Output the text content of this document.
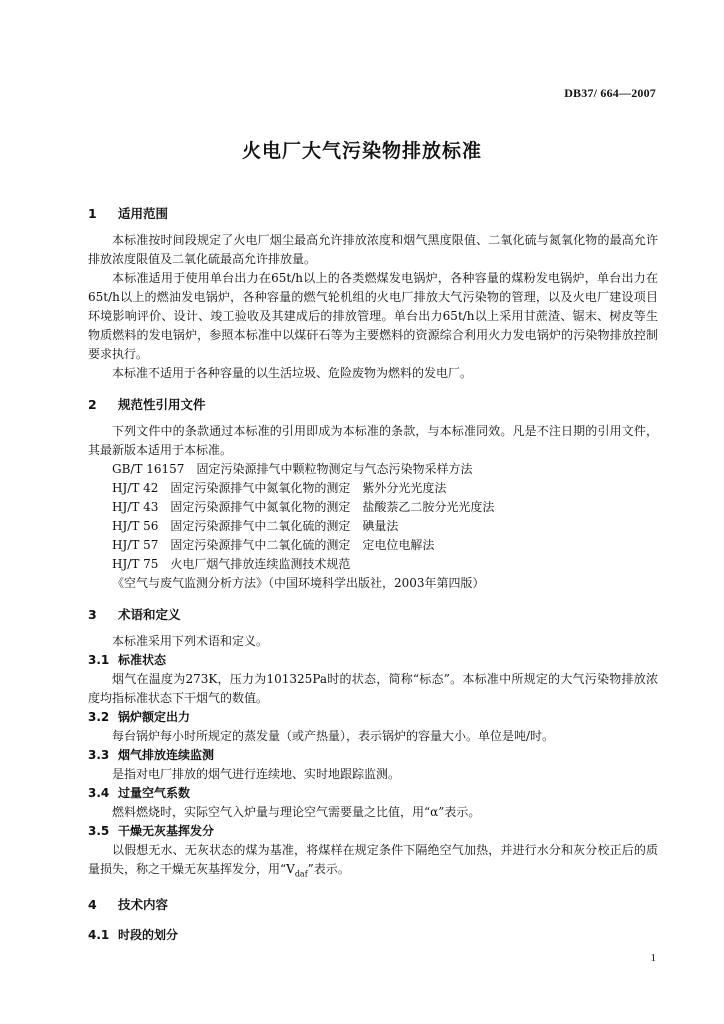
DB37/ 664—2007
火电厂大气污染物排放标准
1 适用范围

本标准按时间段规定了火电厂烟尘最高允许排放浓度和烟气黑度限值、二氧化硫与氮氧化物的最高允许排放浓度限值及二氧化硫最高允许排放量。

本标准适用于使用单台出力在65t/h以上的各类燃煤发电锅炉，各种容量的煤粉发电锅炉，单台出力在65t/h以上的燃油发电锅炉，各种容量的燃气轮机组的火电厂排放大气污染物的管理，以及火电厂建设项目环境影响评价、设计、竣工验收及其建成后的排放管理。单台出力65t/h以上采用甘蔗渣、锯末、树皮等生物质燃料的发电锅炉，参照本标准中以煤矸石等为主要燃料的资源综合利用火力发电锅炉的污染物排放控制要求执行。

本标准不适用于各种容量的以生活垃圾、危险废物为燃料的发电厂。

2 规范性引用文件

下列文件中的条款通过本标准的引用即成为本标准的条款，与本标准同效。凡是不注日期的引用文件，其最新版本适用于本标准。

GB/T 16157　固定污染源排气中颗粒物测定与气态污染物采样方法

HJ/T 42　固定污染源排气中氮氧化物的测定　紫外分光光度法

HJ/T 43　固定污染源排气中氮氧化物的测定　盐酸萘乙二胺分光光度法

HJ/T 56　固定污染源排气中二氧化硫的测定　碘量法

HJ/T 57　固定污染源排气中二氧化硫的测定　定电位电解法

HJ/T 75　火电厂烟气排放连续监测技术规范

《空气与废气监测分析方法》（中国环境科学出版社，2003年第四版）

3 术语和定义

本标准采用下列术语和定义。

3.1 标准状态

烟气在温度为273K，压力为101325Pa时的状态，简称“标态”。本标准中所规定的大气污染物排放浓度均指标准状态下干烟气的数值。

3.2 锅炉额定出力

每台锅炉每小时所规定的蒸发量（或产热量），表示锅炉的容量大小。单位是吨/时。

3.3 烟气排放连续监测

是指对电厂排放的烟气进行连续地、实时地跟踪监测。

3.4 过量空气系数

燃料燃烧时，实际空气入炉量与理论空气需要量之比值，用“α”表示。

3.5 干燥无灰基挥发分

以假想无水、无灰状态的煤为基准，将煤样在规定条件下隔绝空气加热，并进行水分和灰分校正后的质量损失，称之干燥无灰基挥发分，用“$V_{daf}$”表示。

4 技术内容
4.1 时段的划分
1
